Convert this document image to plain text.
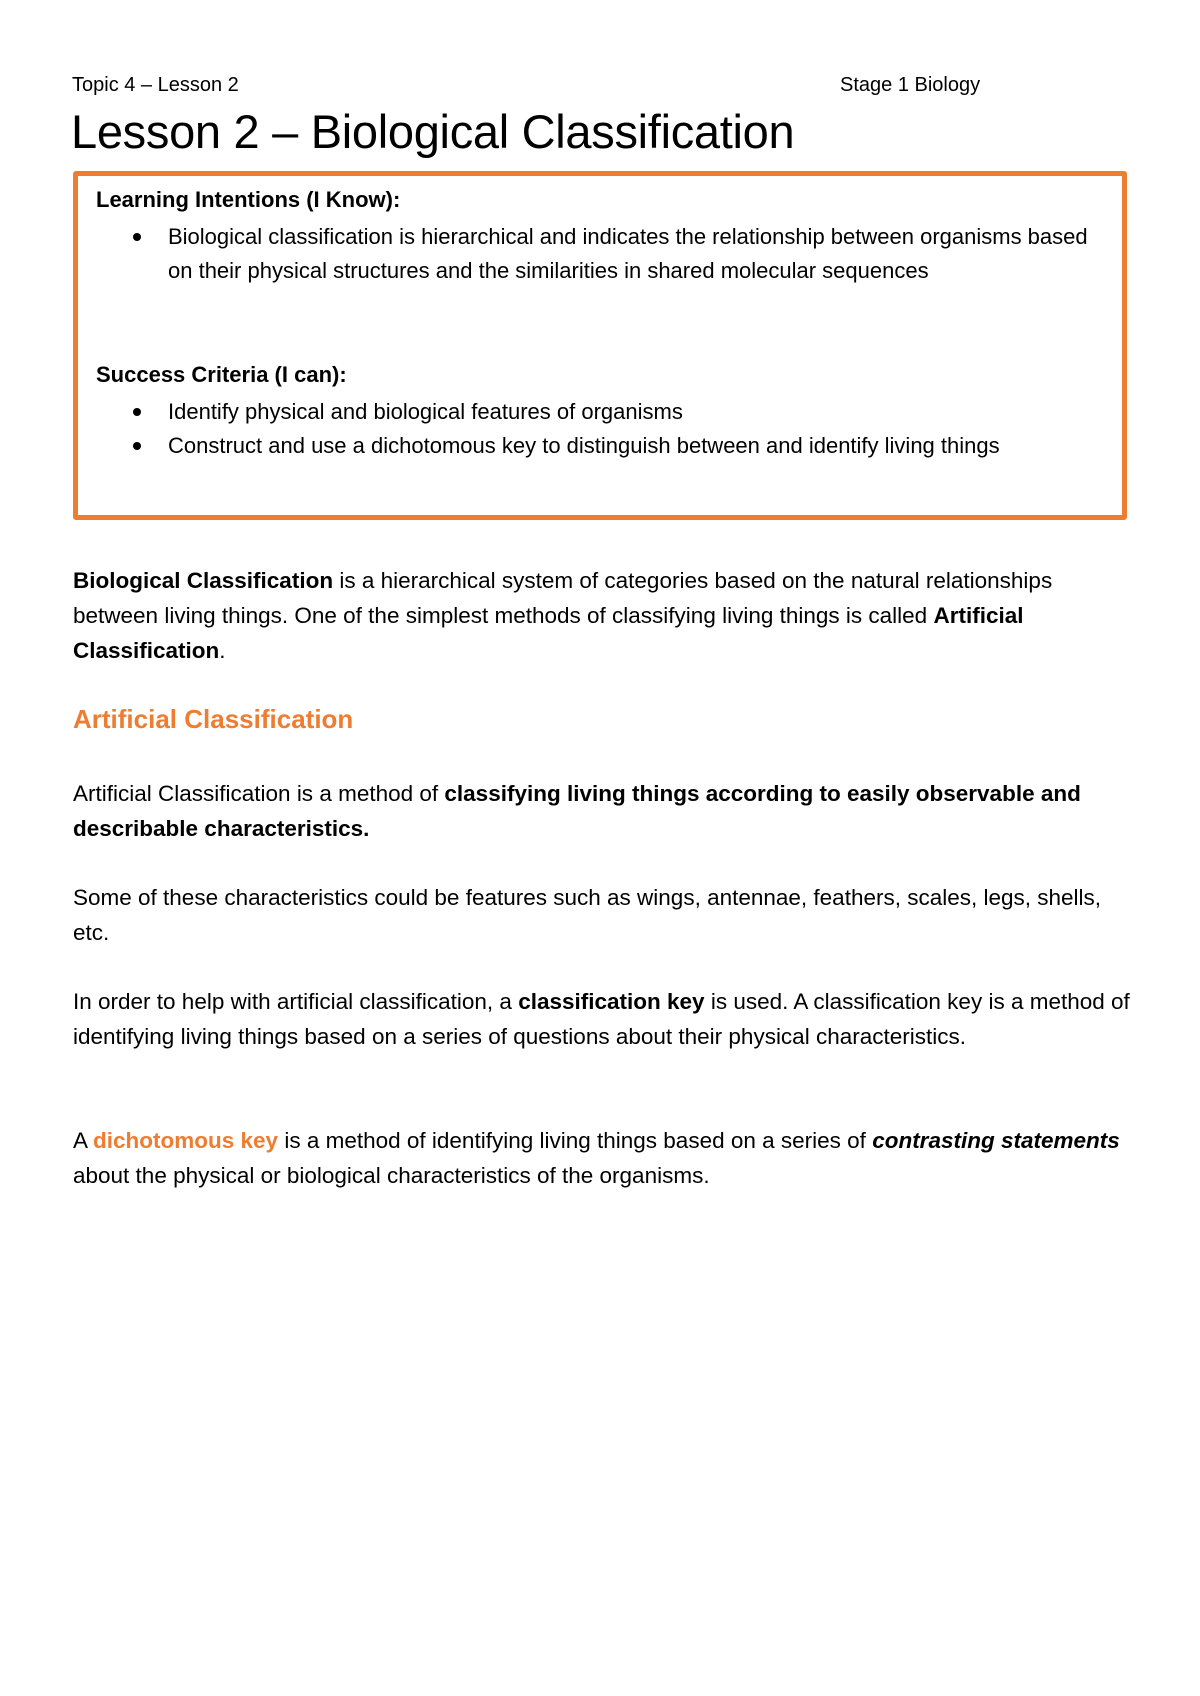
Topic 4 – Lesson 2	Stage 1 Biology
Lesson 2 – Biological Classification
Learning Intentions (I Know):
Biological classification is hierarchical and indicates the relationship between organisms based on their physical structures and the similarities in shared molecular sequences
Success Criteria (I can):
Identify physical and biological features of organisms
Construct and use a dichotomous key to distinguish between and identify living things

Biological Classification is a hierarchical system of categories based on the natural relationships between living things. One of the simplest methods of classifying living things is called Artificial Classification.

Artificial Classification

Artificial Classification is a method of classifying living things according to easily observable and describable characteristics.

Some of these characteristics could be features such as wings, antennae, feathers, scales, legs, shells, etc.

In order to help with artificial classification, a classification key is used. A classification key is a method of identifying living things based on a series of questions about their physical characteristics.

A dichotomous key is a method of identifying living things based on a series of contrasting statements about the physical or biological characteristics of the organisms.
